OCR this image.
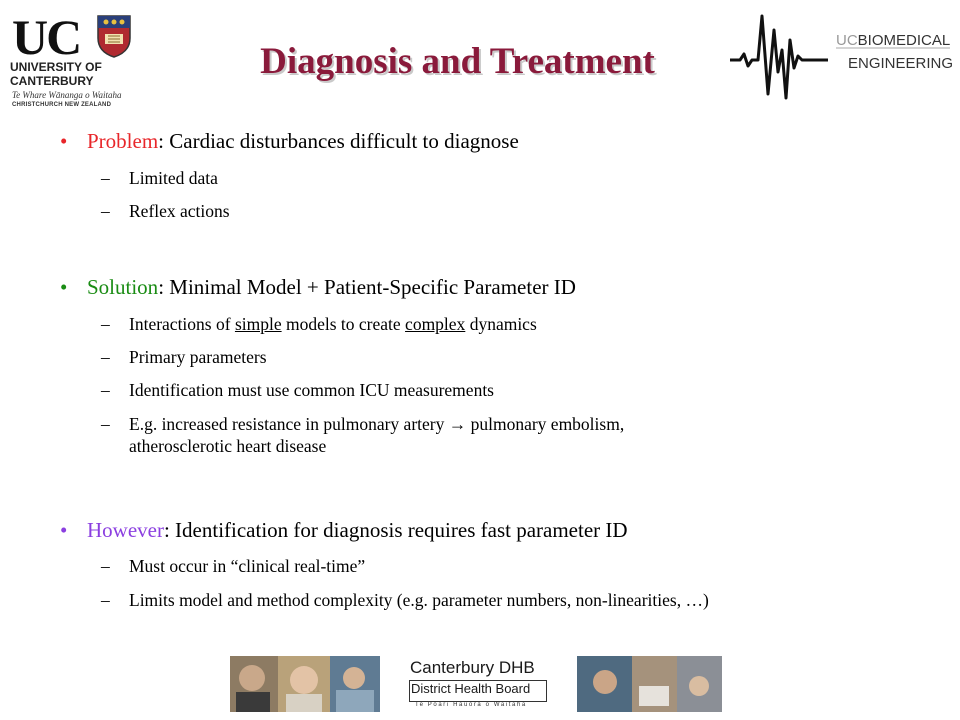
UC
UNIVERSITY OF
CANTERBURY
Te Whare Wānanga o Waitaha
CHRISTCHURCH NEW ZEALAND
Diagnosis and Treatment
UCBIOMEDICAL
ENGINEERING
• Problem: Cardiac disturbances difficult to diagnose
– Limited data
– Reflex actions
• Solution: Minimal Model + Patient-Specific Parameter ID
– Interactions of simple models to create complex dynamics
– Primary parameters
– Identification must use common ICU measurements
– E.g. increased resistance in pulmonary artery → pulmonary embolism,
atherosclerotic heart disease
• However: Identification for diagnosis requires fast parameter ID
– Must occur in “clinical real-time”
– Limits model and method complexity (e.g. parameter numbers, non-linearities, …)
Canterbury DHB
District Health Board
Te Poari Hauora o Waitaha
